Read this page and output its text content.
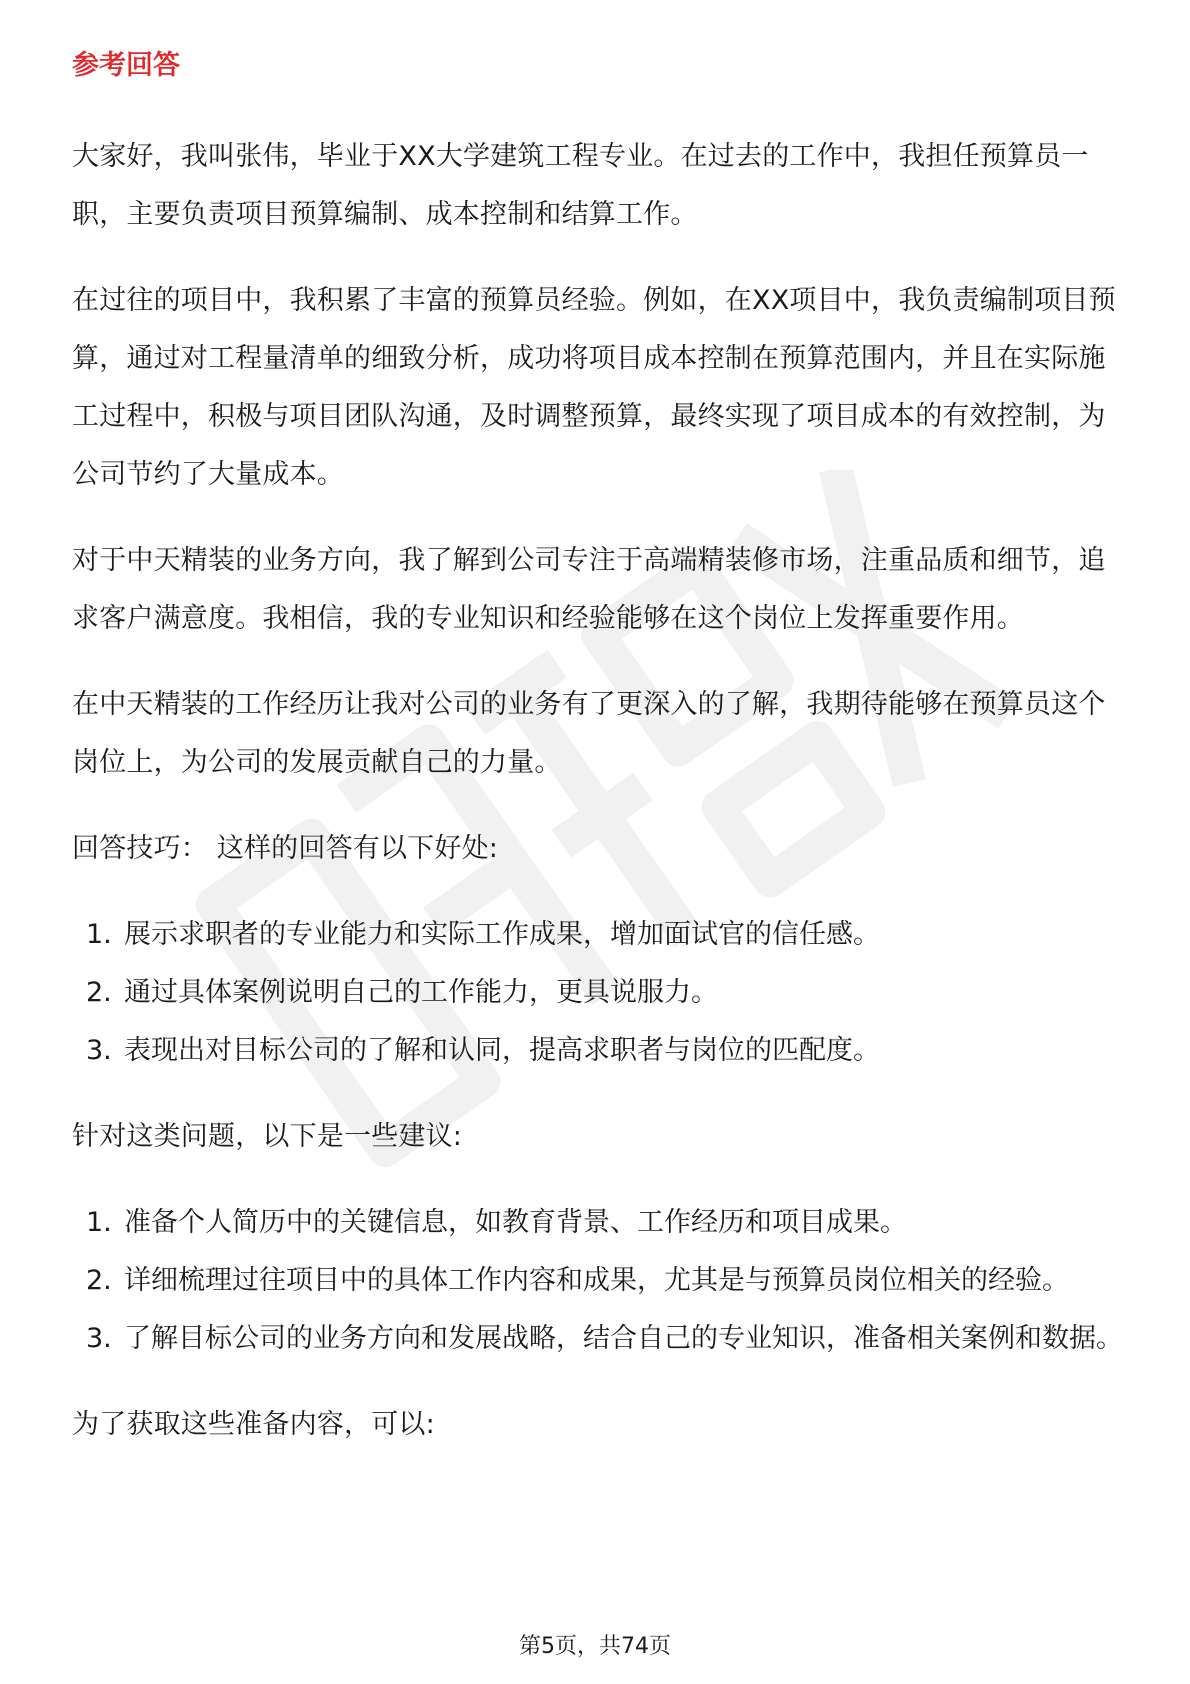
参考回答

大家好，我叫张伟，毕业于XX大学建筑工程专业。在过去的工作中，我担任预算员一职，主要负责项目预算编制、成本控制和结算工作。

在过往的项目中，我积累了丰富的预算员经验。例如，在XX项目中，我负责编制项目预算，通过对工程量清单的细致分析，成功将项目成本控制在预算范围内，并且在实际施工过程中，积极与项目团队沟通，及时调整预算，最终实现了项目成本的有效控制，为公司节约了大量成本。

对于中天精装的业务方向，我了解到公司专注于高端精装修市场，注重品质和细节，追求客户满意度。我相信，我的专业知识和经验能够在这个岗位上发挥重要作用。

在中天精装的工作经历让我对公司的业务有了更深入的了解，我期待能够在预算员这个岗位上，为公司的发展贡献自己的力量。

回答技巧： 这样的回答有以下好处:

1. 展示求职者的专业能力和实际工作成果，增加面试官的信任感。
2. 通过具体案例说明自己的工作能力，更具说服力。
3. 表现出对目标公司的了解和认同，提高求职者与岗位的匹配度。

针对这类问题，以下是一些建议:

1. 准备个人简历中的关键信息，如教育背景、工作经历和项目成果。
2. 详细梳理过往项目中的具体工作内容和成果，尤其是与预算员岗位相关的经验。
3. 了解目标公司的业务方向和发展战略，结合自己的专业知识，准备相关案例和数据。

为了获取这些准备内容，可以:

第5页，共74页
